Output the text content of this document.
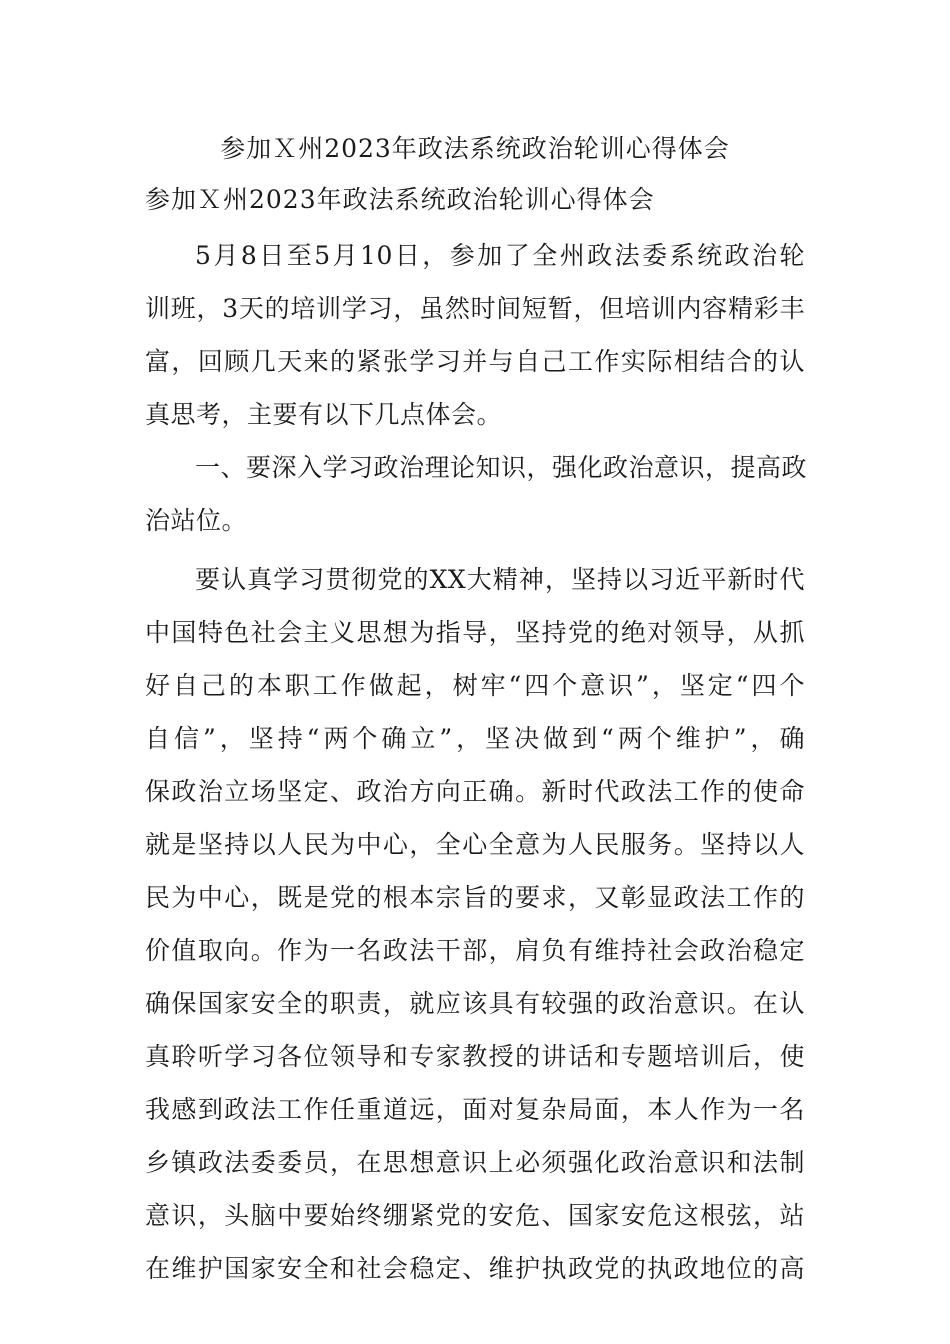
参加Ｘ州2023年政法系统政治轮训心得体会
参加Ｘ州2023年政法系统政治轮训心得体会
5月8日至5月10日，参加了全州政法委系统政治轮
训班，3天的培训学习，虽然时间短暂，但培训内容精彩丰
富，回顾几天来的紧张学习并与自己工作实际相结合的认
真思考，主要有以下几点体会。
一、要深入学习政治理论知识，强化政治意识，提高政
治站位。
要认真学习贯彻党的XX大精神，坚持以习近平新时代
中国特色社会主义思想为指导，坚持党的绝对领导，从抓
好自己的本职工作做起，树牢“四个意识”，坚定“四个
自信”，坚持“两个确立”，坚决做到“两个维护”，确
保政治立场坚定、政治方向正确。新时代政法工作的使命
就是坚持以人民为中心，全心全意为人民服务。坚持以人
民为中心，既是党的根本宗旨的要求，又彰显政法工作的
价值取向。作为一名政法干部，肩负有维持社会政治稳定
确保国家安全的职责，就应该具有较强的政治意识。在认
真聆听学习各位领导和专家教授的讲话和专题培训后，使
我感到政法工作任重道远，面对复杂局面，本人作为一名
乡镇政法委委员，在思想意识上必须强化政治意识和法制
意识，头脑中要始终绷紧党的安危、国家安危这根弦，站
在维护国家安全和社会稳定、维护执政党的执政地位的高
